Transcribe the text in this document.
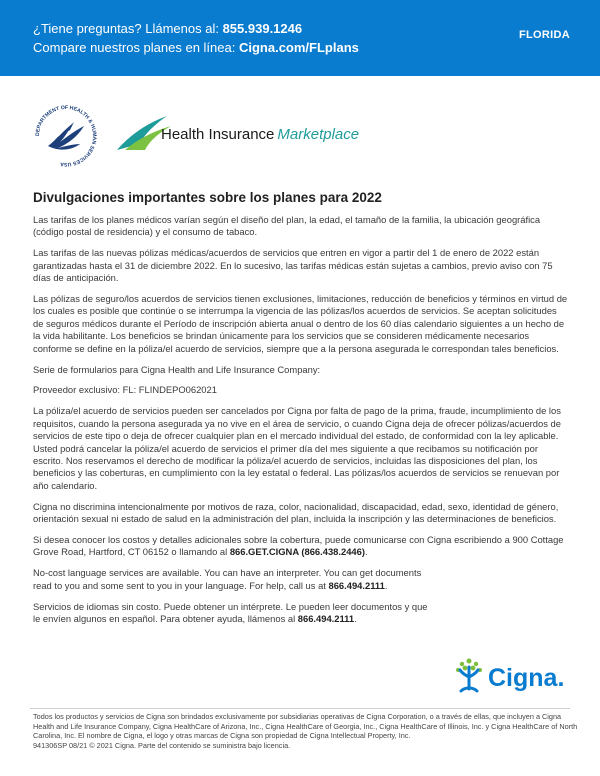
¿Tiene preguntas? Llámenos al: 855.939.1246
Compare nuestros planes en línea: Cigna.com/FLplans
FLORIDA
DEPARTMENT OF HEALTH & HUMAN SERVICES USA
Health Insurance Marketplace
Divulgaciones importantes sobre los planes para 2022

Las tarifas de los planes médicos varían según el diseño del plan, la edad, el tamaño de la familia, la ubicación geográfica (código postal de residencia) y el consumo de tabaco.

Las tarifas de las nuevas pólizas médicas/acuerdos de servicios que entren en vigor a partir del 1 de enero de 2022 están garantizadas hasta el 31 de diciembre 2022. En lo sucesivo, las tarifas médicas están sujetas a cambios, previo aviso con 75 días de anticipación.

Las pólizas de seguro/los acuerdos de servicios tienen exclusiones, limitaciones, reducción de beneficios y términos en virtud de los cuales es posible que continúe o se interrumpa la vigencia de las pólizas/los acuerdos de servicios. Se aceptan solicitudes de seguros médicos durante el Período de inscripción abierta anual o dentro de los 60 días calendario siguientes a un hecho de la vida habilitante. Los beneficios se brindan únicamente para los servicios que se consideren médicamente necesarios conforme se define en la póliza/el acuerdo de servicios, siempre que a la persona asegurada le correspondan tales beneficios.

Serie de formularios para Cigna Health and Life Insurance Company:

Proveedor exclusivo: FL: FLINDEPO062021

La póliza/el acuerdo de servicios pueden ser cancelados por Cigna por falta de pago de la prima, fraude, incumplimiento de los requisitos, cuando la persona asegurada ya no vive en el área de servicio, o cuando Cigna deja de ofrecer pólizas/acuerdos de servicios de este tipo o deja de ofrecer cualquier plan en el mercado individual del estado, de conformidad con la ley aplicable. Usted podrá cancelar la póliza/el acuerdo de servicios el primer día del mes siguiente a que recibamos su notificación por escrito. Nos reservamos el derecho de modificar la póliza/el acuerdo de servicios, incluidas las disposiciones del plan, los beneficios y las coberturas, en cumplimiento con la ley estatal o federal. Las pólizas/los acuerdos de servicios se renuevan por año calendario.

Cigna no discrimina intencionalmente por motivos de raza, color, nacionalidad, discapacidad, edad, sexo, identidad de género, orientación sexual ni estado de salud en la administración del plan, incluida la inscripción y las determinaciones de beneficios.

Si desea conocer los costos y detalles adicionales sobre la cobertura, puede comunicarse con Cigna escribiendo a 900 Cottage Grove Road, Hartford, CT 06152 o llamando al 866.GET.CIGNA (866.438.2446).

No-cost language services are available. You can have an interpreter. You can get documents read to you and some sent to you in your language. For help, call us at 866.494.2111.

Servicios de idiomas sin costo. Puede obtener un intérprete. Le pueden leer documentos y que le envíen algunos en español. Para obtener ayuda, llámenos al 866.494.2111.

Cigna.
Todos los productos y servicios de Cigna son brindados exclusivamente por subsidiarias operativas de Cigna Corporation, o a través de ellas, que incluyen a Cigna Health and Life Insurance Company, Cigna HealthCare of Arizona, Inc., Cigna HealthCare of Georgia, Inc., Cigna HealthCare of Illinois, Inc. y Cigna HealthCare of North Carolina, Inc. El nombre de Cigna, el logo y otras marcas de Cigna son propiedad de Cigna Intellectual Property, Inc.
941306SP 08/21 © 2021 Cigna. Parte del contenido se suministra bajo licencia.
